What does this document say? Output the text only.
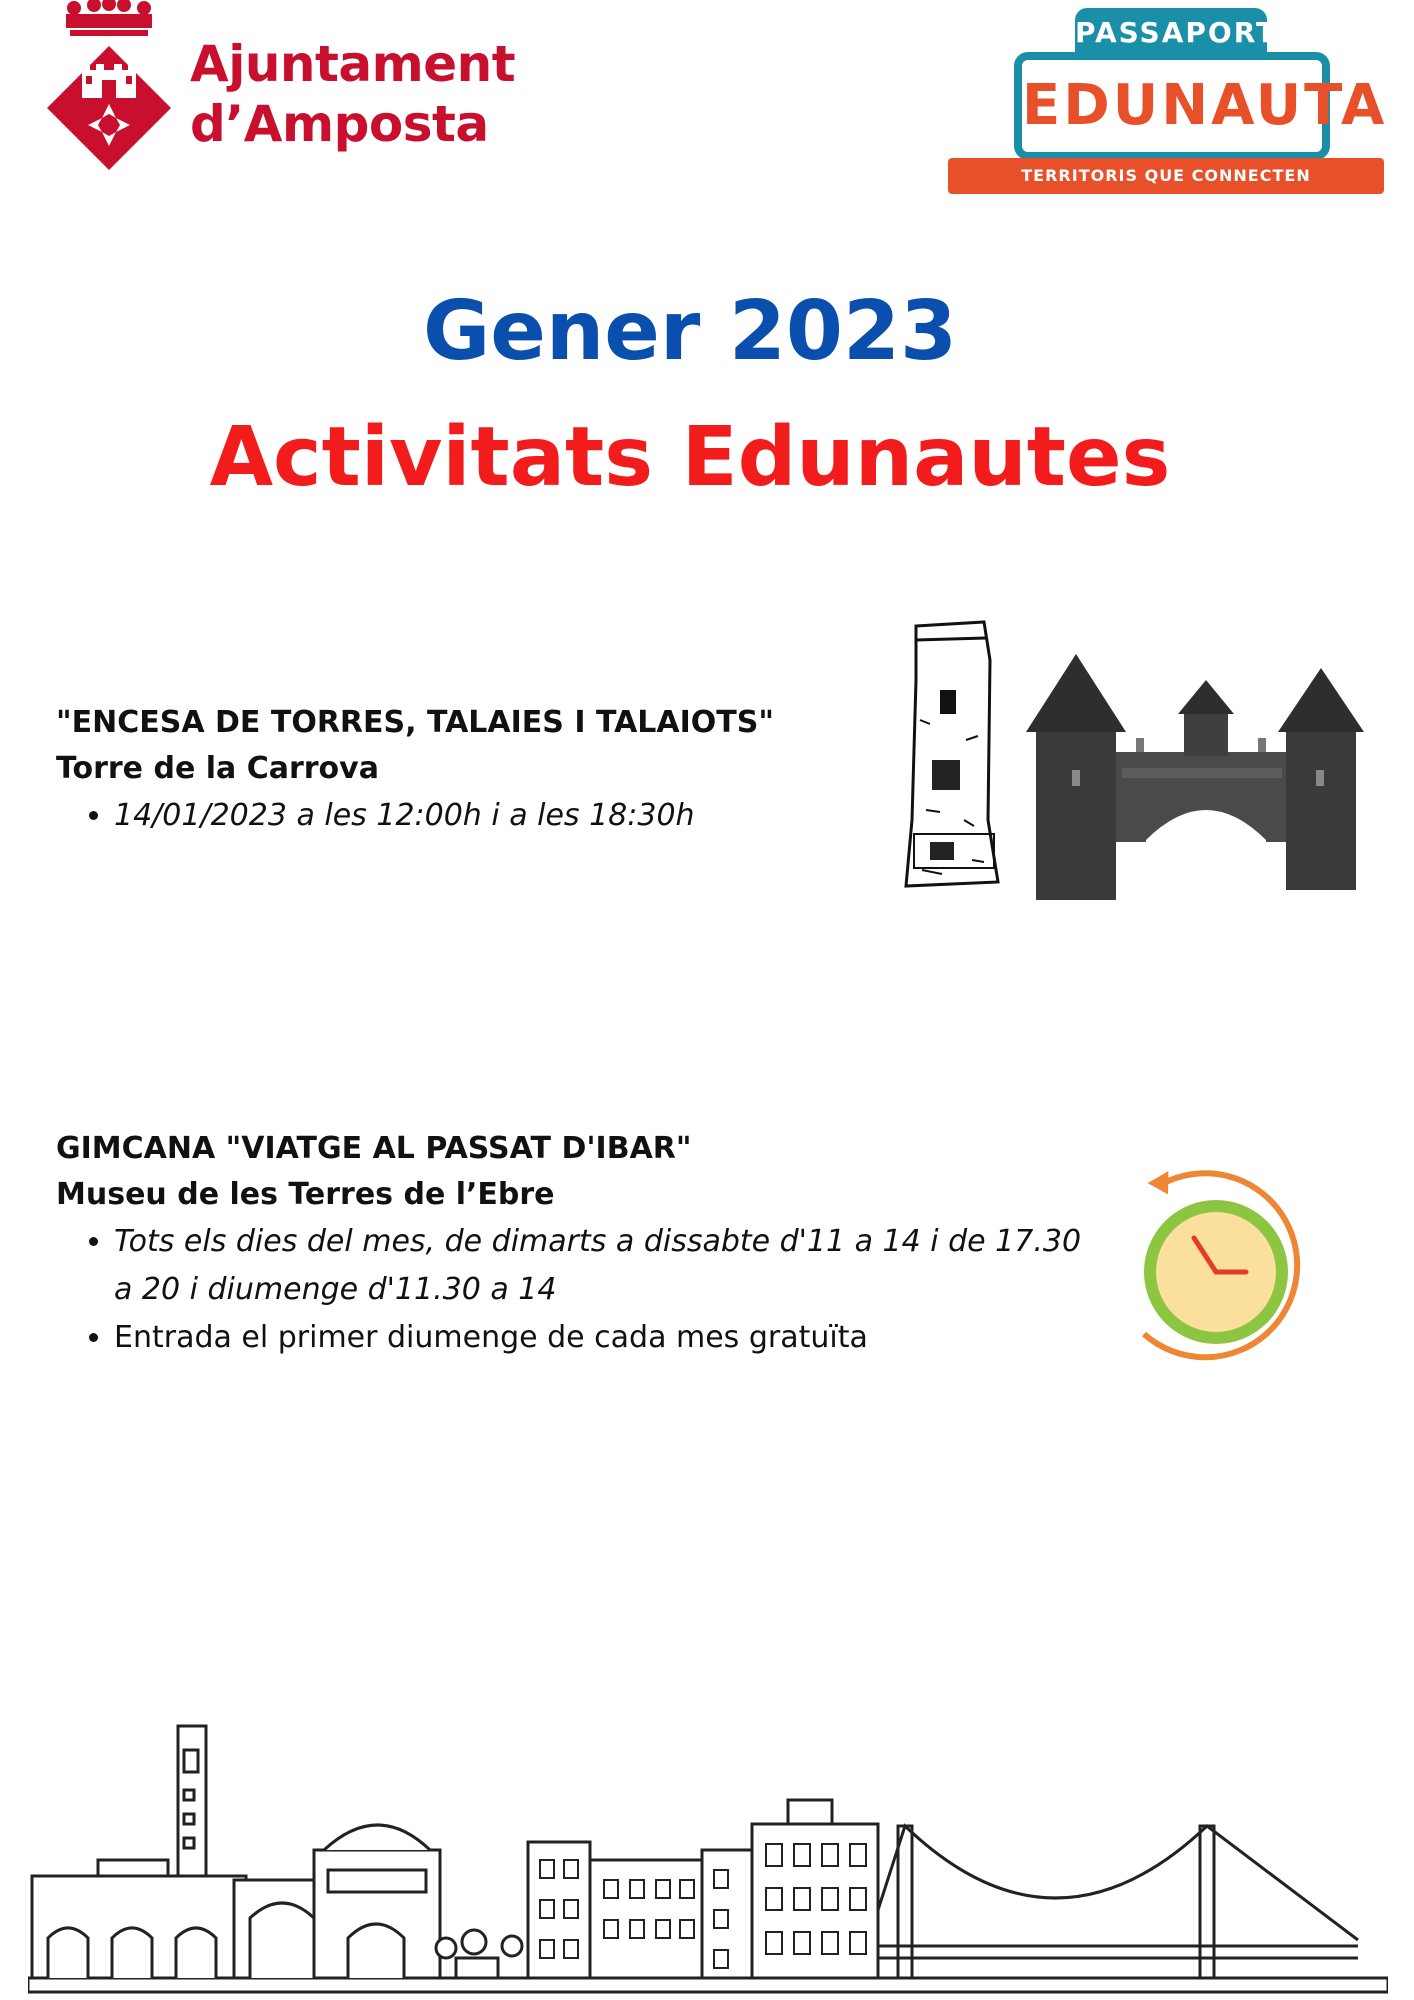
Ajuntament
d’Amposta
PASSAPORT
EDUNAUTA
TERRITORIS QUE CONNECTEN OPORTUNITATS
Gener 2023
Activitats Edunautes
"ENCESA DE TORRES, TALAIES I TALAIOTS"
Torre de la Carrova
• 14/01/2023 a les 12:00h i a les 18:30h
GIMCANA "VIATGE AL PASSAT D'IBAR"
Museu de les Terres de l’Ebre
• Tots els dies del mes, de dimarts a dissabte d'11 a 14 i de 17.30 a 20 i diumenge d'11.30 a 14
• Entrada el primer diumenge de cada mes gratuïta
